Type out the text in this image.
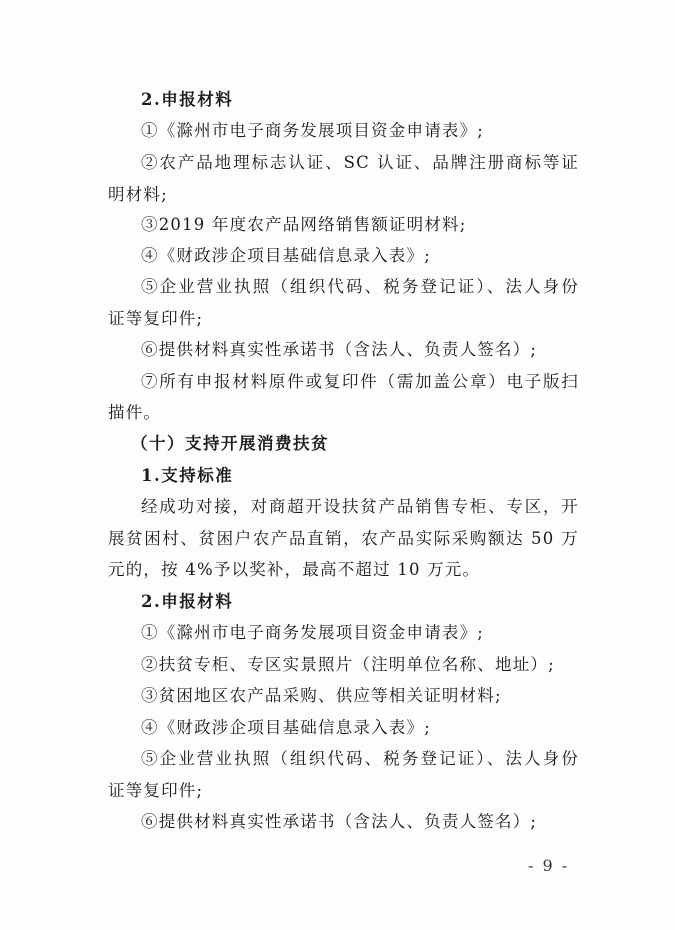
2.申报材料
①《滁州市电子商务发展项目资金申请表》;
②农产品地理标志认证、SC 认证、品牌注册商标等证
明材料;
③2019 年度农产品网络销售额证明材料;
④《财政涉企项目基础信息录入表》;
⑤企业营业执照（组织代码、税务登记证）、法人身份
证等复印件;
⑥提供材料真实性承诺书（含法人、负责人签名）;
⑦所有申报材料原件或复印件（需加盖公章）电子版扫
描件。
（十）支持开展消费扶贫
1.支持标准
经成功对接，对商超开设扶贫产品销售专柜、专区，开
展贫困村、贫困户农产品直销，农产品实际采购额达 50 万
元的，按 4%予以奖补，最高不超过 10 万元。
2.申报材料
①《滁州市电子商务发展项目资金申请表》;
②扶贫专柜、专区实景照片（注明单位名称、地址）;
③贫困地区农产品采购、供应等相关证明材料;
④《财政涉企项目基础信息录入表》;
⑤企业营业执照（组织代码、税务登记证）、法人身份
证等复印件;
⑥提供材料真实性承诺书（含法人、负责人签名）;
- 9 -
